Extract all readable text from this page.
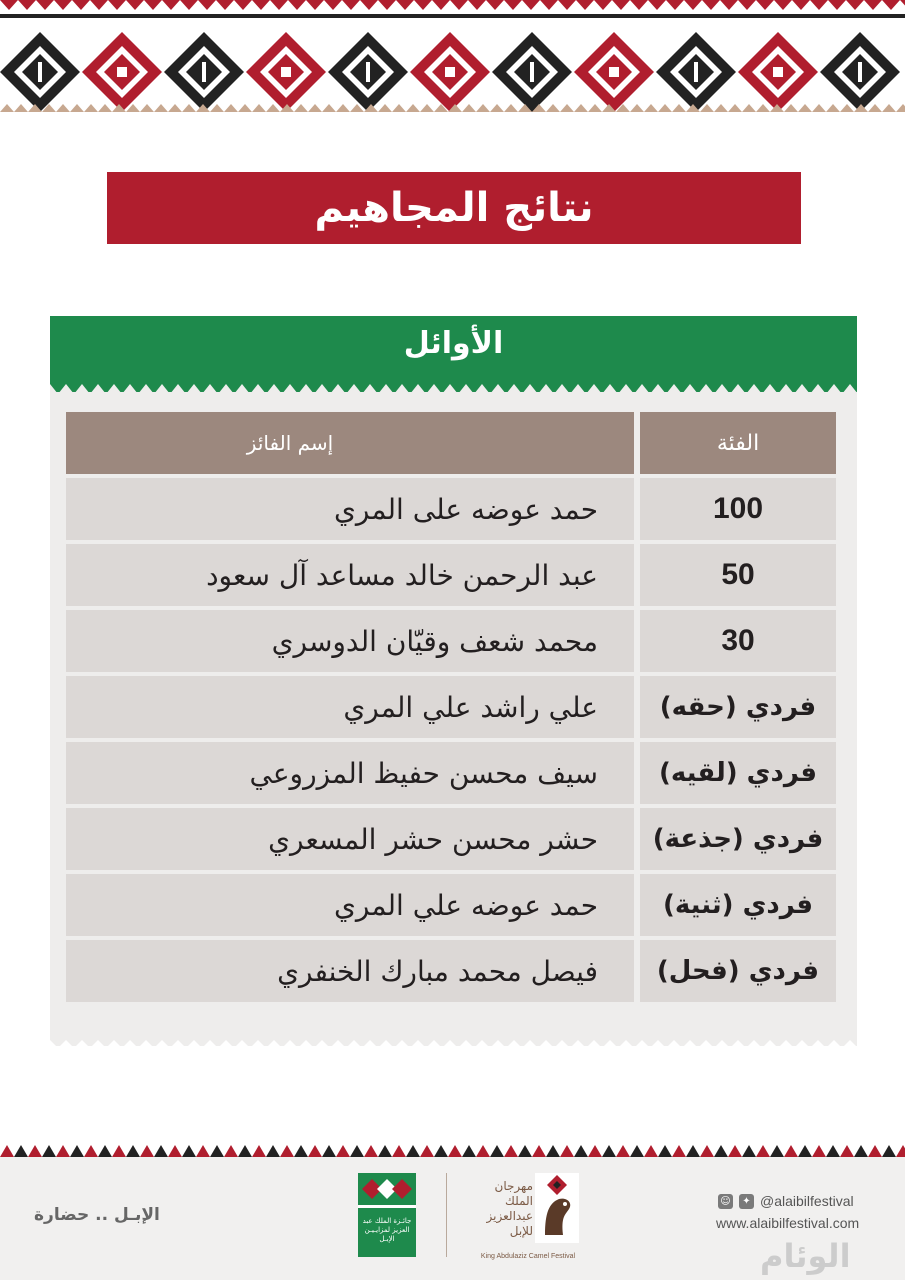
نتائج المجاهيم
الأوائل
إسم الفائز	الفئة
حمد عوضه على المري	100
عبد الرحمن خالد مساعد آل سعود	50
محمد شعف وقيّان الدوسري	30
علي راشد علي المري	فردي (حقه)
سيف محسن حفيظ المزروعي	فردي (لقيه)
حشر محسن حشر المسعري	فردي (جذعة)
حمد عوضه علي المري	فردي (ثنية)
فيصل محمد مبارك الخنفري	فردي (فحل)
الإبـل .. حضارة	جائـزة الملك عبد العزيز لمزايـيـن الإبـل
مهرجان الملك عبدالعزيز للإبل
King Abdulaziz Camel Festival
☺	✦ @alaibilfestival
www.alaibilfestival.com
الوئام
